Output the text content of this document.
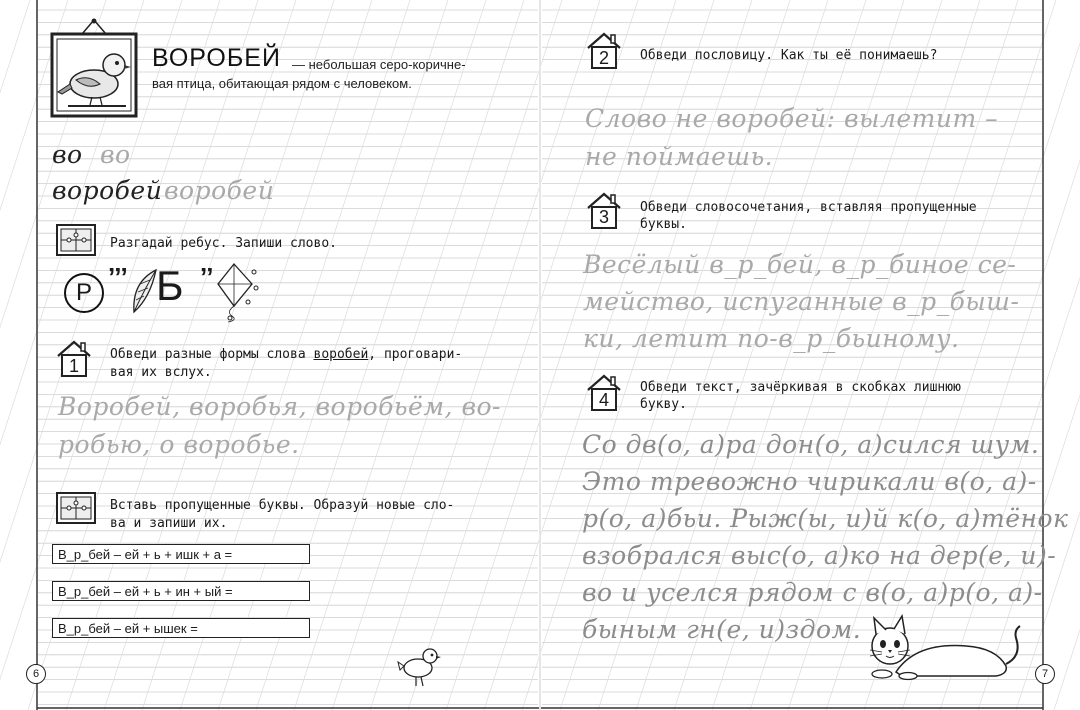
ВОРОБЕЙ — небольшая серо-коричне-
вая птица, обитающая рядом с человеком.
во во
воробей воробей
Разгадай ребус. Запиши слово.
Р
’’’ Б ’’
1
Обведи разные формы слова воробей, проговари-
вая их вслух.
Воробей, воробья, воробьём, во-
робью, о воробье.
Вставь пропущенные буквы. Образуй новые сло-
ва и запиши их.
В_р_бей – ей + ь + ишк + а =
В_р_бей – ей + ь + ин + ый =
В_р_бей – ей + ышек =
6
2	Обведи пословицу. Как ты её понимаешь?
Слово не воробей: вылетит –
не поймаешь.
3	Обведи словосочетания, вставляя пропущенные
буквы.
Весёлый в_р_бей, в_р_биное се-
мейство, испуганные в_р_быш-
ки, летит по-в_р_бьиному.
4
Обведи текст, зачёркивая в скобках лишнюю
букву.
Со дв(о, а)ра дон(о, а)сился шум.
Это тревожно чирикали в(о, а)-
р(о, а)бьи. Рыж(ы, и)й к(о, а)тёнок
взобрался выс(о, а)ко на дер(е, и)-
во и уселся рядом с в(о, а)р(о, а)-
быным гн(е, и)здом.
7
